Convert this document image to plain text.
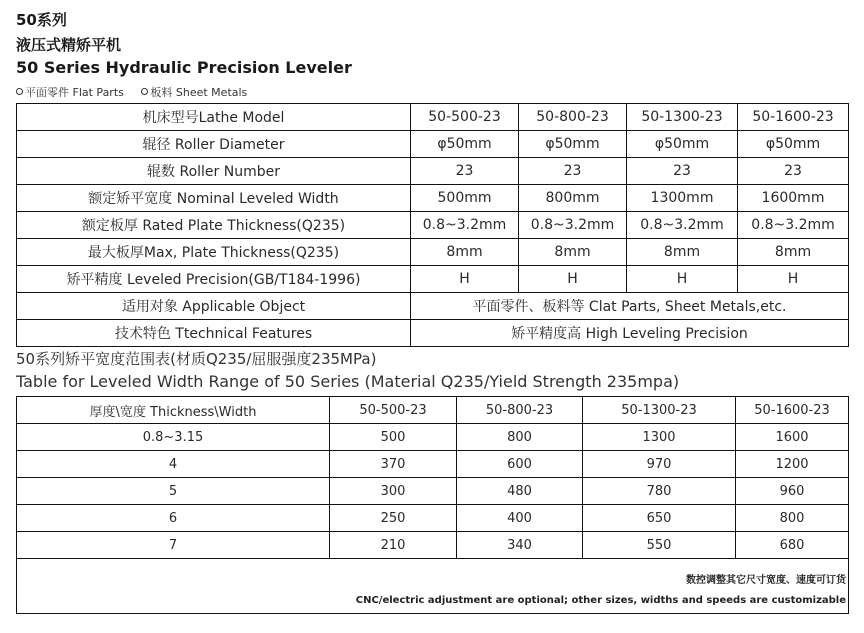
50系列
液压式精矫平机
50 Series Hydraulic Precision Leveler
平面零件 Flat Parts 板料 Sheet Metals
机床型号Lathe Model	50-500-23	50-800-23	50-1300-23	50-1600-23
辊径 Roller Diameter	φ50mm	φ50mm	φ50mm	φ50mm
辊数 Roller Number	23	23	23	23
额定矫平宽度 Nominal Leveled Width	500mm	800mm	1300mm	1600mm
额定板厚 Rated Plate Thickness(Q235)	0.8~3.2mm	0.8~3.2mm	0.8~3.2mm	0.8~3.2mm
最大板厚Max, Plate Thickness(Q235)	8mm	8mm	8mm	8mm
矫平精度 Leveled Precision(GB/T184-1996)	H	H	H	H
适用对象 Applicable Object	平面零件、板料等 Clat Parts, Sheet Metals,etc.			
技术特色 Ttechnical Features	矫平精度高 High Leveling Precision			
50系列矫平宽度范围表(材质Q235/屈服强度235MPa)
Table for Leveled Width Range of 50 Series (Material Q235/Yield Strength 235mpa)
厚度\宽度 Thickness\Width	50-500-23	50-800-23	50-1300-23	50-1600-23
0.8~3.15	500	800	1300	1600
4	370	600	970	1200
5	300	480	780	960
6	250	400	650	800
7	210	340	550	680

数控调整其它尺寸宽度、速度可订货
CNC/electric adjustment are optional; other sizes, widths and speeds are customizable				
